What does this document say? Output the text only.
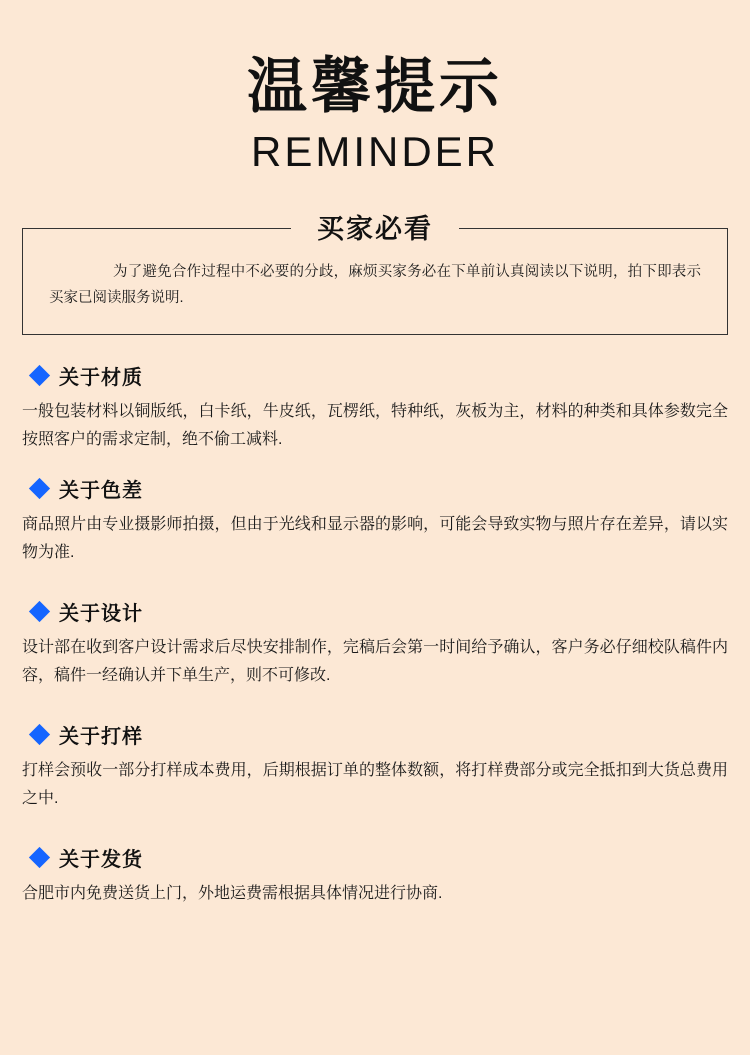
温馨提示
REMINDER
买家必看
为了避免合作过程中不必要的分歧，麻烦买家务必在下单前认真阅读以下说明，拍下即表示买家已阅读服务说明.
关于材质
一般包装材料以铜版纸，白卡纸，牛皮纸，瓦楞纸，特种纸，灰板为主，材料的种类和具体参数完全按照客户的需求定制，绝不偷工减料.
关于色差
商品照片由专业摄影师拍摄，但由于光线和显示器的影响，可能会导致实物与照片存在差异，请以实物为准.
关于设计
设计部在收到客户设计需求后尽快安排制作，完稿后会第一时间给予确认，客户务必仔细校队稿件内容，稿件一经确认并下单生产，则不可修改.
关于打样
打样会预收一部分打样成本费用，后期根据订单的整体数额，将打样费部分或完全抵扣到大货总费用之中.
关于发货
合肥市内免费送货上门，外地运费需根据具体情况进行协商.
